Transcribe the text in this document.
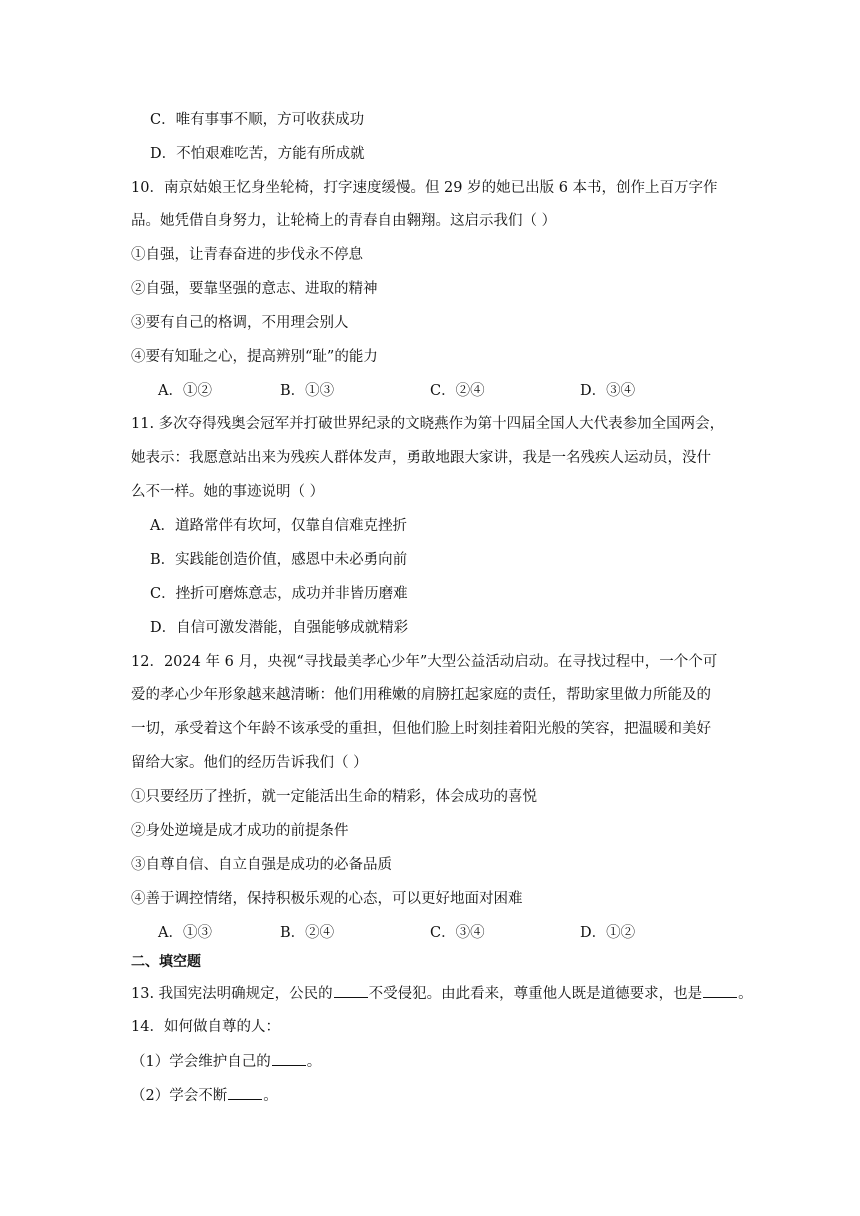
C．唯有事事不顺，方可收获成功
D．不怕艰难吃苦，方能有所成就
10．南京姑娘王忆身坐轮椅，打字速度缓慢。但 29 岁的她已出版 6 本书，创作上百万字作
品。她凭借自身努力，让轮椅上的青春自由翱翔。这启示我们（ ）
①自强，让青春奋进的步伐永不停息
②自强，要靠坚强的意志、进取的精神
③要有自己的格调，不用理会别人
④要有知耻之心，提高辨别“耻”的能力
A．①②	B．①③	C．②④	D．③④
11. 多次夺得残奥会冠军并打破世界纪录的文晓燕作为第十四届全国人大代表参加全国两会，
她表示：我愿意站出来为残疾人群体发声，勇敢地跟大家讲，我是一名残疾人运动员，没什
么不一样。她的事迹说明（ ）
A．道路常伴有坎坷，仅靠自信难克挫折
B．实践能创造价值，感恩中未必勇向前
C．挫折可磨炼意志，成功并非皆历磨难
D．自信可激发潜能，自强能够成就精彩
12．2024 年 6 月，央视“寻找最美孝心少年”大型公益活动启动。在寻找过程中，一个个可
爱的孝心少年形象越来越清晰：他们用稚嫩的肩膀扛起家庭的责任，帮助家里做力所能及的
一切，承受着这个年龄不该承受的重担，但他们脸上时刻挂着阳光般的笑容，把温暖和美好
留给大家。他们的经历告诉我们（ ）
①只要经历了挫折，就一定能活出生命的精彩，体会成功的喜悦
②身处逆境是成才成功的前提条件
③自尊自信、自立自强是成功的必备品质
④善于调控情绪，保持积极乐观的心态，可以更好地面对困难
A．①③	B．②④	C．③④	D．①②
二、填空题
13. 我国宪法明确规定，公民的 不受侵犯。由此看来，尊重他人既是道德要求，也是 。
14．如何做自尊的人：
（1）学会维护自己的 。
（2）学会不断 。
